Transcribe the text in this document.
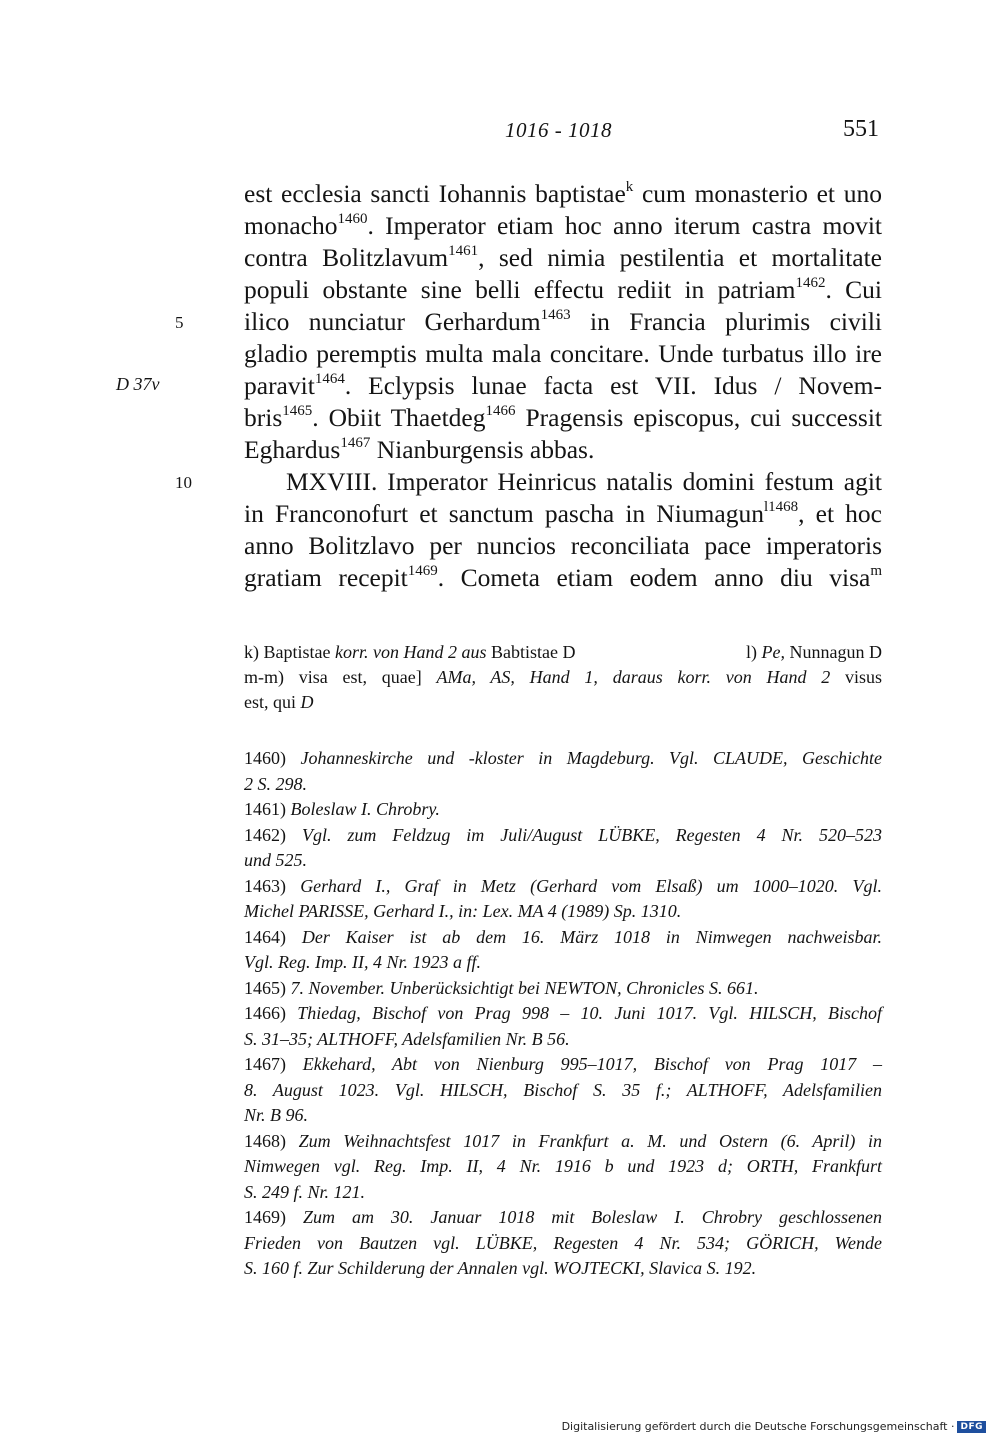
1016 - 1018	551
5
10
D 37v
est ecclesia sancti Iohannis baptistae$^k$ cum monasterio et uno
monacho$^{1460}$. Imperator etiam hoc anno iterum castra movit
contra Bolitzlavum$^{1461}$, sed nimia pestilentia et mortalitate
populi obstante sine belli effectu rediit in patriam$^{1462}$. Cui
ilico nunciatur Gerhardum$^{1463}$ in Francia plurimis civili
gladio peremptis multa mala concitare. Unde turbatus illo ire
paravit$^{1464}$. Eclypsis lunae facta est VII. Idus / Novem-
bris$^{1465}$. Obiit Thaetdeg$^{1466}$ Pragensis episcopus, cui successit
Eghardus$^{1467}$ Nianburgensis abbas.
MXVIII. Imperator Heinricus natalis domini festum agit
in Franconofurt et sanctum pascha in Niumagun$^{l1468}$, et hoc
anno Bolitzlavo per nuncios reconciliata pace imperatoris
gratiam recepit$^{1469}$. Cometa etiam eodem anno diu visa$^m$
k) Baptistae korr. von Hand 2 aus Babtistae D	l) Pe, Nunnagun D
m-m) visa est, quae] AMa, AS, Hand 1, daraus korr. von Hand 2 visus
est, qui D
1460) Johanneskirche und -kloster in Magdeburg. Vgl. CLAUDE, Geschichte
2 S. 298.
1461) Boleslaw I. Chrobry.
1462) Vgl. zum Feldzug im Juli/August LÜBKE, Regesten 4 Nr. 520–523
und 525.
1463) Gerhard I., Graf in Metz (Gerhard vom Elsaß) um 1000–1020. Vgl.
Michel PARISSE, Gerhard I., in: Lex. MA 4 (1989) Sp. 1310.
1464) Der Kaiser ist ab dem 16. März 1018 in Nimwegen nachweisbar.
Vgl. Reg. Imp. II, 4 Nr. 1923 a ff.
1465) 7. November. Unberücksichtigt bei NEWTON, Chronicles S. 661.
1466) Thiedag, Bischof von Prag 998 – 10. Juni 1017. Vgl. HILSCH, Bischof
S. 31–35; ALTHOFF, Adelsfamilien Nr. B 56.
1467) Ekkehard, Abt von Nienburg 995–1017, Bischof von Prag 1017 –
8. August 1023. Vgl. HILSCH, Bischof S. 35 f.; ALTHOFF, Adelsfamilien
Nr. B 96.
1468) Zum Weihnachtsfest 1017 in Frankfurt a. M. und Ostern (6. April) in
Nimwegen vgl. Reg. Imp. II, 4 Nr. 1916 b und 1923 d; ORTH, Frankfurt
S. 249 f. Nr. 121.
1469) Zum am 30. Januar 1018 mit Boleslaw I. Chrobry geschlossenen
Frieden von Bautzen vgl. LÜBKE, Regesten 4 Nr. 534; GÖRICH, Wende
S. 160 f. Zur Schilderung der Annalen vgl. WOJTECKI, Slavica S. 192.
Digitalisierung gefördert durch die Deutsche Forschungsgemeinschaft · DFG
